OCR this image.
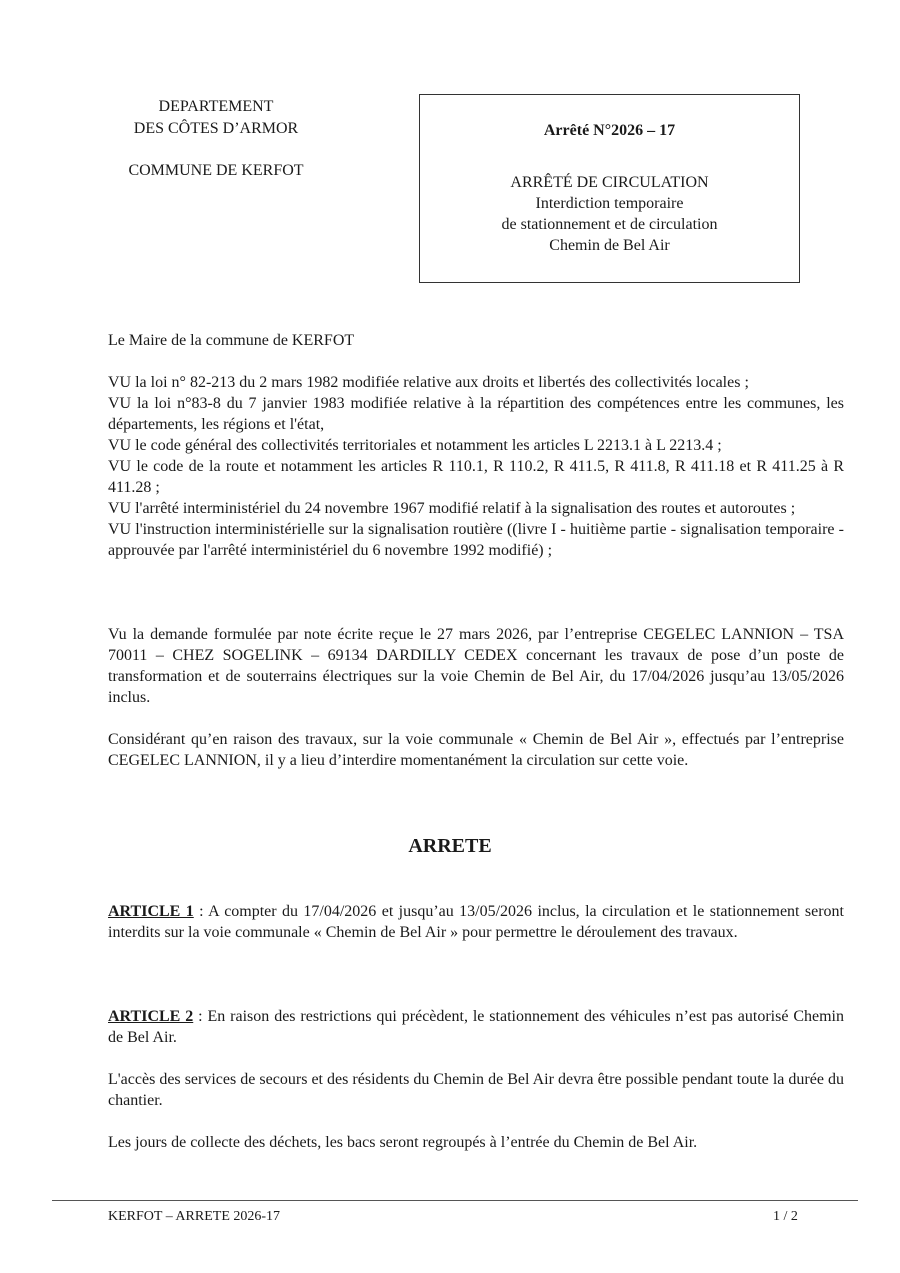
DEPARTEMENT
DES CÔTES D’ARMOR
COMMUNE DE KERFOT
Arrêté N°2026 – 17
ARRÊTÉ DE CIRCULATION
Interdiction temporaire
de stationnement et de circulation
Chemin de Bel Air

Le Maire de la commune de KERFOT

VU la loi n° 82-213 du 2 mars 1982 modifiée relative aux droits et libertés des collectivités locales ;

VU la loi n°83-8 du 7 janvier 1983 modifiée relative à la répartition des compétences entre les communes, les départements, les régions et l'état,

VU le code général des collectivités territoriales et notamment les articles L 2213.1 à L 2213.4 ;

VU le code de la route et notamment les articles R 110.1, R 110.2, R 411.5, R 411.8, R 411.18 et R 411.25 à R 411.28 ;

VU l'arrêté interministériel du 24 novembre 1967 modifié relatif à la signalisation des routes et autoroutes ;

VU l'instruction interministérielle sur la signalisation routière ((livre I - huitième partie - signalisation temporaire - approuvée par l'arrêté interministériel du 6 novembre 1992 modifié) ;

Vu la demande formulée par note écrite reçue le 27 mars 2026, par l’entreprise CEGELEC LANNION – TSA 70011 – CHEZ SOGELINK – 69134 DARDILLY CEDEX concernant les travaux de pose d’un poste de transformation et de souterrains électriques sur la voie Chemin de Bel Air, du 17/04/2026 jusqu’au 13/05/2026 inclus.

Considérant qu’en raison des travaux, sur la voie communale « Chemin de Bel Air », effectués par l’entreprise CEGELEC LANNION, il y a lieu d’interdire momentanément la circulation sur cette voie.

ARRETE

ARTICLE 1 : A compter du 17/04/2026 et jusqu’au 13/05/2026 inclus, la circulation et le stationnement seront interdits sur la voie communale « Chemin de Bel Air » pour permettre le déroulement des travaux.

ARTICLE 2 : En raison des restrictions qui précèdent, le stationnement des véhicules n’est pas autorisé Chemin de Bel Air.

L'accès des services de secours et des résidents du Chemin de Bel Air devra être possible pendant toute la durée du chantier.

Les jours de collecte des déchets, les bacs seront regroupés à l’entrée du Chemin de Bel Air.

KERFOT – ARRETE 2026-17	1 / 2
